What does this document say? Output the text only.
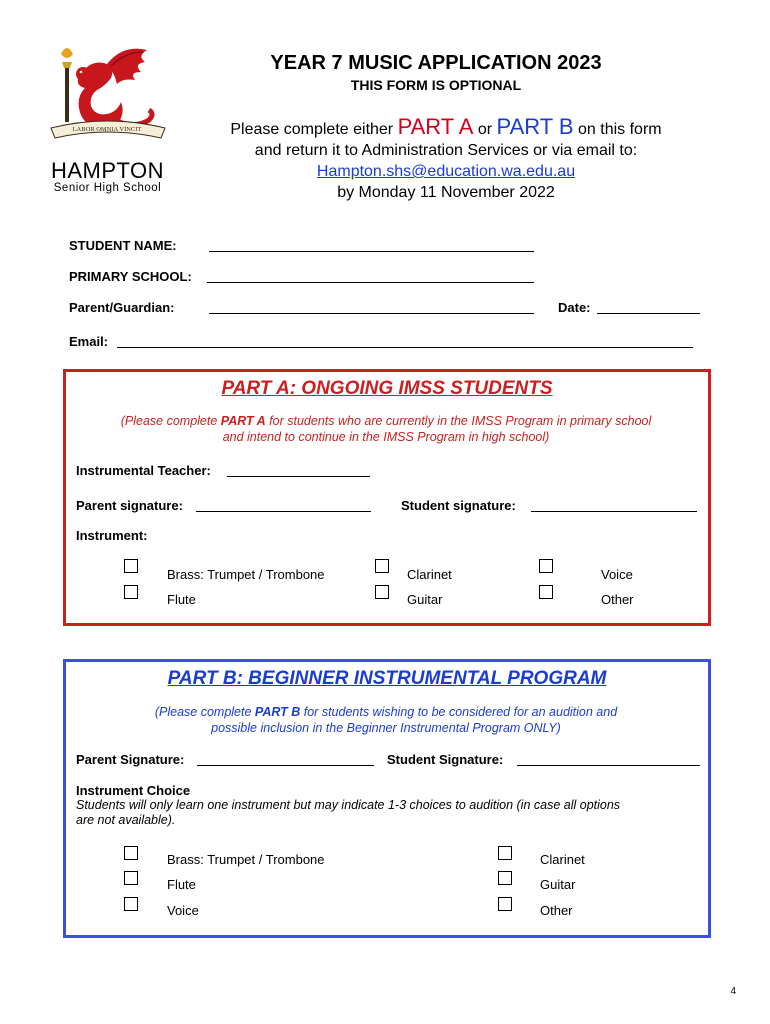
LABOR OMNIA VINCIT
HAMPTON
Senior High School
YEAR 7 MUSIC APPLICATION 2023
THIS FORM IS OPTIONAL
Please complete either PART A or PART B on this form
and return it to Administration Services or via email to:
Hampton.shs@education.wa.edu.au
by Monday 11 November 2022
STUDENT NAME:
PRIMARY SCHOOL:
Parent/Guardian:	Date:
Email:
PART A: ONGOING IMSS STUDENTS
(Please complete PART A for students who are currently in the IMSS Program in primary school
and intend to continue in the IMSS Program in high school)
Instrumental Teacher:
Parent signature:	Student signature:
Instrument:
Brass: Trumpet / Trombone	Clarinet	Voice
Flute	Guitar	Other
PART B: BEGINNER INSTRUMENTAL PROGRAM
(Please complete PART B for students wishing to be considered for an audition and
possible inclusion in the Beginner Instrumental Program ONLY)
Parent Signature:	Student Signature:
Instrument Choice
Students will only learn one instrument but may indicate 1-3 choices to audition (in case all options
are not available).
Brass: Trumpet / Trombone	Clarinet
Flute	Guitar
Voice	Other
4
